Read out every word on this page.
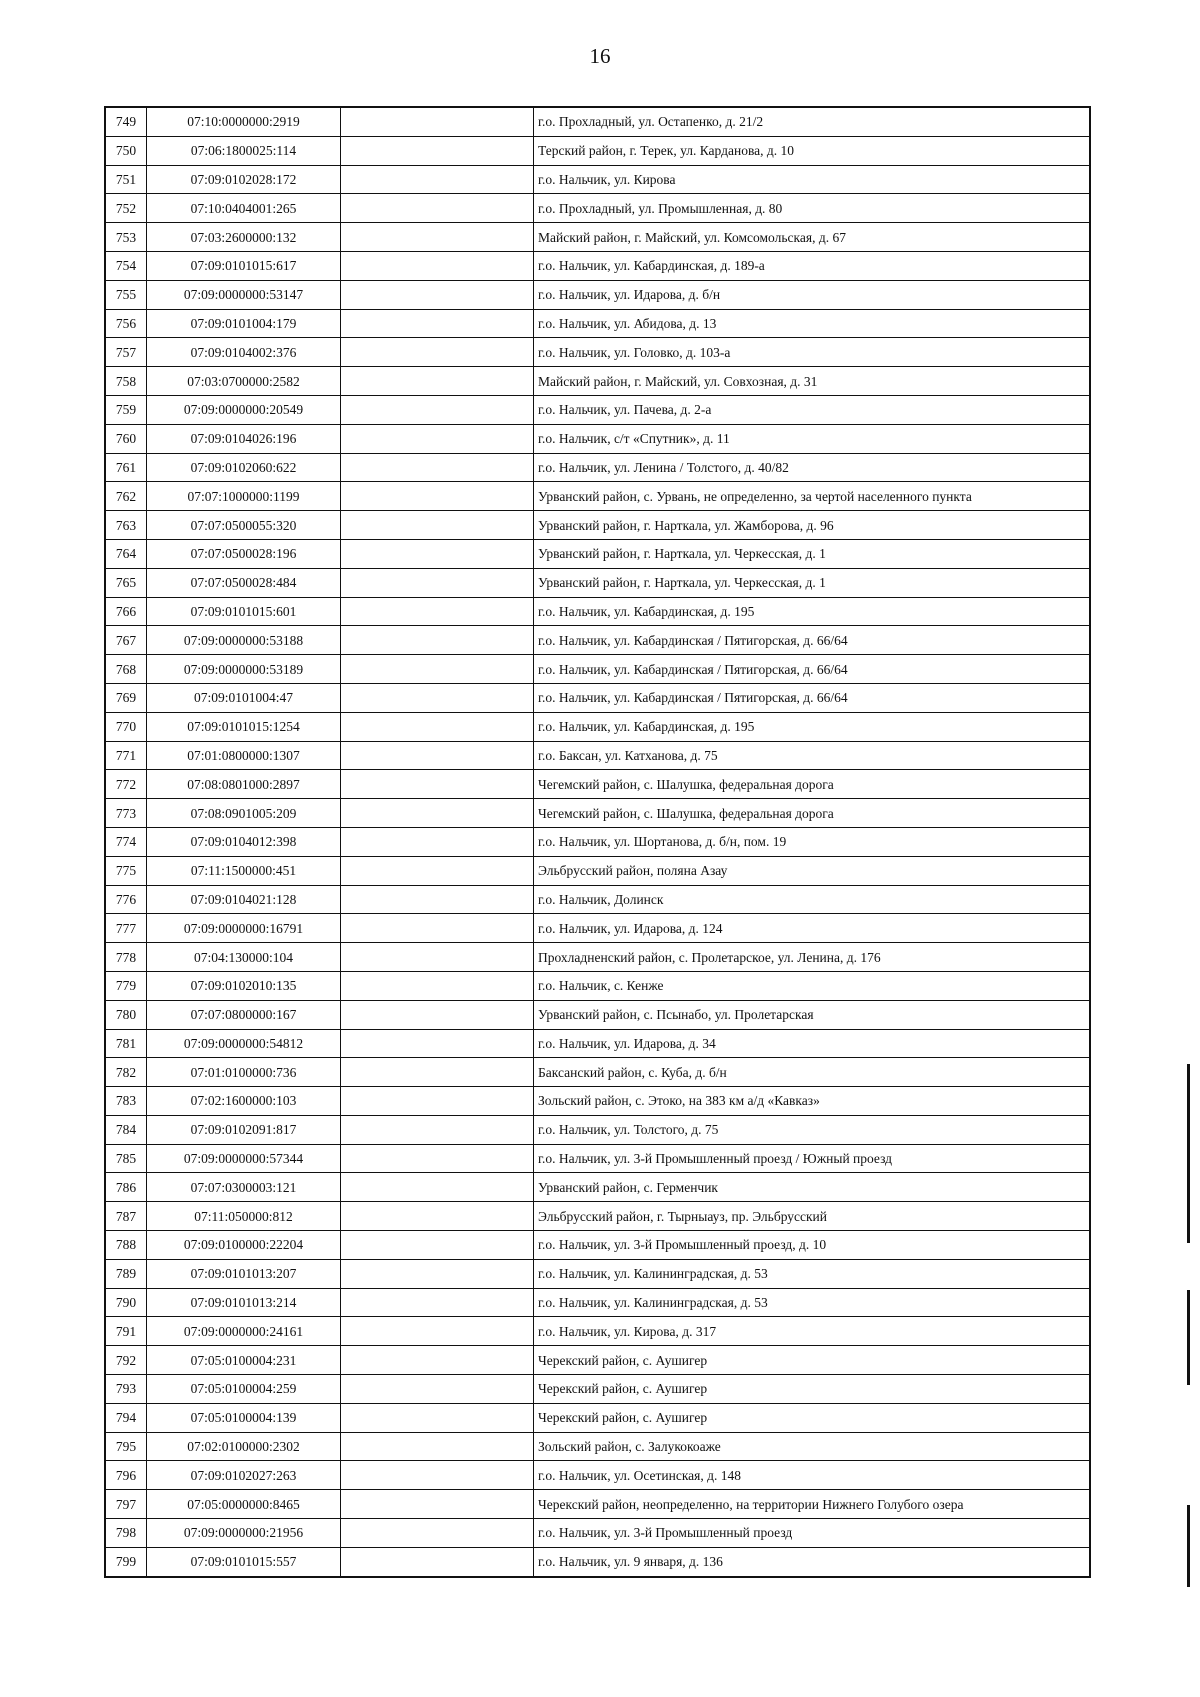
16
749	07:10:0000000:2919		г.о. Прохладный, ул. Остапенко, д. 21/2
750	07:06:1800025:114		Терский район, г. Терек, ул. Карданова, д. 10
751	07:09:0102028:172		г.о. Нальчик, ул. Кирова
752	07:10:0404001:265		г.о. Прохладный, ул. Промышленная, д. 80
753	07:03:2600000:132		Майский район, г. Майский, ул. Комсомольская, д. 67
754	07:09:0101015:617		г.о. Нальчик, ул. Кабардинская, д. 189-а
755	07:09:0000000:53147		г.о. Нальчик, ул. Идарова, д. б/н
756	07:09:0101004:179		г.о. Нальчик, ул. Абидова, д. 13
757	07:09:0104002:376		г.о. Нальчик, ул. Головко, д. 103-а
758	07:03:0700000:2582		Майский район, г. Майский, ул. Совхозная, д. 31
759	07:09:0000000:20549		г.о. Нальчик, ул. Пачева, д. 2-а
760	07:09:0104026:196		г.о. Нальчик, с/т «Спутник», д. 11
761	07:09:0102060:622		г.о. Нальчик, ул. Ленина / Толстого, д. 40/82
762	07:07:1000000:1199		Урванский район, с. Урвань, не определенно, за чертой населенного пункта
763	07:07:0500055:320		Урванский район, г. Нарткала, ул. Жамборова, д. 96
764	07:07:0500028:196		Урванский район, г. Нарткала, ул. Черкесская, д. 1
765	07:07:0500028:484		Урванский район, г. Нарткала, ул. Черкесская, д. 1
766	07:09:0101015:601		г.о. Нальчик, ул. Кабардинская, д. 195
767	07:09:0000000:53188		г.о. Нальчик, ул. Кабардинская / Пятигорская, д. 66/64
768	07:09:0000000:53189		г.о. Нальчик, ул. Кабардинская / Пятигорская, д. 66/64
769	07:09:0101004:47		г.о. Нальчик, ул. Кабардинская / Пятигорская, д. 66/64
770	07:09:0101015:1254		г.о. Нальчик, ул. Кабардинская, д. 195
771	07:01:0800000:1307		г.о. Баксан, ул. Катханова, д. 75
772	07:08:0801000:2897		Чегемский район, с. Шалушка, федеральная дорога
773	07:08:0901005:209		Чегемский район, с. Шалушка, федеральная дорога
774	07:09:0104012:398		г.о. Нальчик, ул. Шортанова, д. б/н, пом. 19
775	07:11:1500000:451		Эльбрусский район, поляна Азау
776	07:09:0104021:128		г.о. Нальчик, Долинск
777	07:09:0000000:16791		г.о. Нальчик, ул. Идарова, д. 124
778	07:04:130000:104		Прохладненский район, с. Пролетарское, ул. Ленина, д. 176
779	07:09:0102010:135		г.о. Нальчик, с. Кенже
780	07:07:0800000:167		Урванский район, с. Псынабо, ул. Пролетарская
781	07:09:0000000:54812		г.о. Нальчик, ул. Идарова, д. 34
782	07:01:0100000:736		Баксанский район, с. Куба, д. б/н
783	07:02:1600000:103		Зольский район, с. Этоко, на 383 км а/д «Кавказ»
784	07:09:0102091:817		г.о. Нальчик, ул. Толстого, д. 75
785	07:09:0000000:57344		г.о. Нальчик, ул. 3-й Промышленный проезд / Южный проезд
786	07:07:0300003:121		Урванский район, с. Герменчик
787	07:11:050000:812		Эльбрусский район, г. Тырныауз, пр. Эльбрусский
788	07:09:0100000:22204		г.о. Нальчик, ул. 3-й Промышленный проезд, д. 10
789	07:09:0101013:207		г.о. Нальчик, ул. Калининградская, д. 53
790	07:09:0101013:214		г.о. Нальчик, ул. Калининградская, д. 53
791	07:09:0000000:24161		г.о. Нальчик, ул. Кирова, д. 317
792	07:05:0100004:231		Черекский район, с. Аушигер
793	07:05:0100004:259		Черекский район, с. Аушигер
794	07:05:0100004:139		Черекский район, с. Аушигер
795	07:02:0100000:2302		Зольский район, с. Залукокоаже
796	07:09:0102027:263		г.о. Нальчик, ул. Осетинская, д. 148
797	07:05:0000000:8465		Черекский район, неопределенно, на территории Нижнего Голубого озера
798	07:09:0000000:21956		г.о. Нальчик, ул. 3-й Промышленный проезд
799	07:09:0101015:557		г.о. Нальчик, ул. 9 января, д. 136
